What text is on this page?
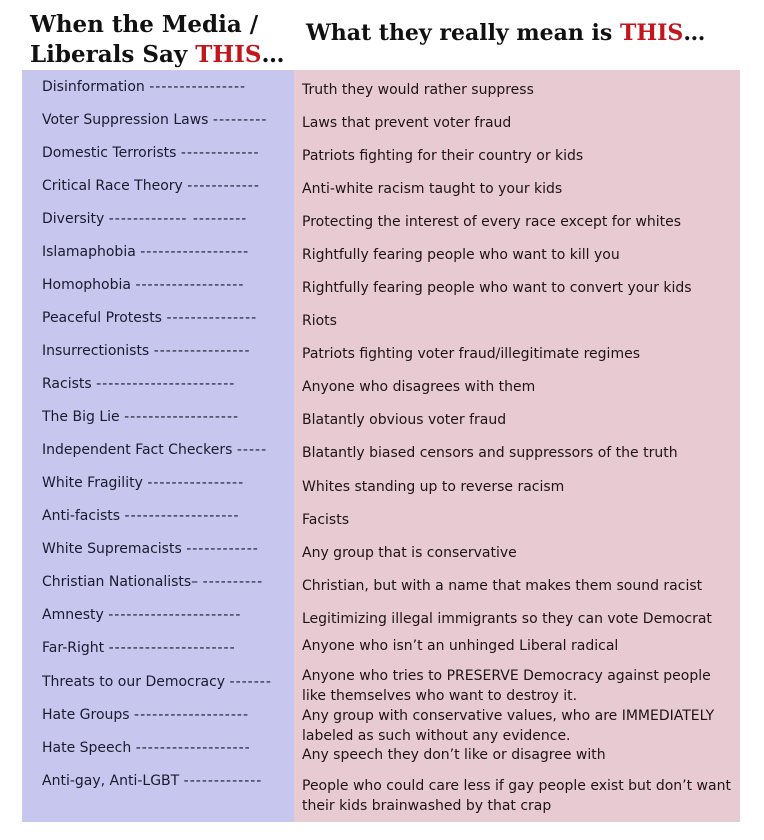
When the Media /
Liberals Say THIS…
What they really mean is THIS…
Disinformation ----------------	Truth they would rather suppress
Voter Suppression Laws ---------	Laws that prevent voter fraud
Domestic Terrorists -------------	Patriots fighting for their country or kids
Critical Race Theory ------------	Anti-white racism taught to your kids
Diversity ------------- ---------	Protecting the interest of every race except for whites
Islamaphobia ------------------	Rightfully fearing people who want to kill you
Homophobia ------------------	Rightfully fearing people who want to convert your kids
Peaceful Protests ---------------	Riots
Insurrectionists ----------------	Patriots fighting voter fraud/illegitimate regimes
Racists -----------------------	Anyone who disagrees with them
The Big Lie -------------------	Blatantly obvious voter fraud
Independent Fact Checkers -----	Blatantly biased censors and suppressors of the truth
White Fragility ----------------	Whites standing up to reverse racism
Anti-facists -------------------	Facists
White Supremacists ------------	Any group that is conservative
Christian Nationalists– ----------	Christian, but with a name that makes them sound racist
Amnesty ----------------------	Legitimizing illegal immigrants so they can vote Democrat
Far-Right ---------------------	Anyone who isn’t an unhinged Liberal radical
Threats to our Democracy -------	Anyone who tries to PRESERVE Democracy against people like themselves who want to destroy it.
Hate Groups -------------------	Any group with conservative values, who are IMMEDIATELY labeled as such without any evidence.
Hate Speech -------------------	Any speech they don’t like or disagree with
Anti-gay, Anti-LGBT -------------	People who could care less if gay people exist but don’t want their kids brainwashed by that crap
